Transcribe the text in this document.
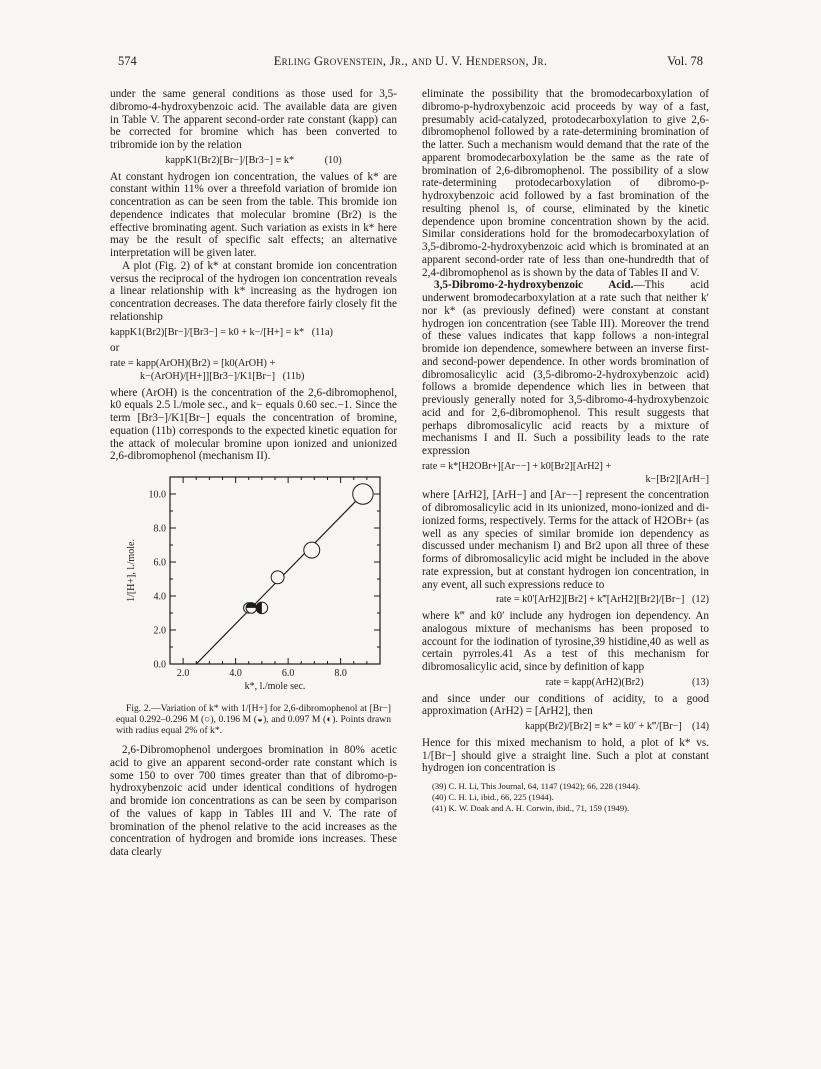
574	Erling Grovenstein, Jr., and U. V. Henderson, Jr.	Vol. 78

under the same general conditions as those used for 3,5-dibromo-4-hydroxybenzoic acid. The available data are given in Table V. The apparent second-order rate constant (kapp) can be corrected for bromine which has been converted to tribromide ion by the relation

kappK1(Br2)[Br−]/[Br3−] ≡ k*	(10)

At constant hydrogen ion concentration, the values of k* are constant within 11% over a threefold variation of bromide ion concentration as can be seen from the table. This bromide ion dependence indicates that molecular bromine (Br2) is the effective brominating agent. Such variation as exists in k* here may be the result of specific salt effects; an alternative interpretation will be given later.

A plot (Fig. 2) of k* at constant bromide ion concentration versus the reciprocal of the hydrogen ion concentration reveals a linear relationship with k* increasing as the hydrogen ion concentration decreases. The data therefore fairly closely fit the relationship

kappK1(Br2)[Br−]/[Br3−] = k0 + k−/[H+] = k* (11a)

or

rate = kapp(ArOH)(Br2) = [k0(ArOH) +
k−(ArOH)/[H+]][Br3−]/K1[Br−] (11b)

where (ArOH) is the concentration of the 2,6-dibromophenol, k0 equals 2.5 l./mole sec., and k− equals 0.60 sec.−1. Since the term [Br3−]/K1[Br−] equals the concentration of bromine, equation (11b) corresponds to the expected kinetic equation for the attack of molecular bromine upon ionized and unionized 2,6-dibromophenol (mechanism II).

2.0	4.0	6.0	8.0
0.0
2.0
4.0
6.0
8.0
10.0
k*, l./mole sec.
1/[H+], l./mole.
Fig. 2.—Variation of k* with 1/[H+] for 2,6-dibromophenol at [Br−] equal 0.292–0.296 M (○), 0.196 M (◒), and 0.097 M (◐). Points drawn with radius equal 2% of k*.

2,6-Dibromophenol undergoes bromination in 80% acetic acid to give an apparent second-order rate constant which is some 150 to over 700 times greater than that of dibromo-p-hydroxybenzoic acid under identical conditions of hydrogen and bromide ion concentrations as can be seen by comparison of the values of kapp in Tables III and V. The rate of bromination of the phenol relative to the acid increases as the concentration of hydrogen and bromide ions increases. These data clearly

eliminate the possibility that the bromodecarboxylation of dibromo-p-hydroxybenzoic acid proceeds by way of a fast, presumably acid-catalyzed, protodecarboxylation to give 2,6-dibromophenol followed by a rate-determining bromination of the latter. Such a mechanism would demand that the rate of the apparent bromodecarboxylation be the same as the rate of bromination of 2,6-dibromophenol. The possibility of a slow rate-determining protodecarboxylation of dibromo-p-hydroxybenzoic acid followed by a fast bromination of the resulting phenol is, of course, eliminated by the kinetic dependence upon bromine concentration shown by the acid. Similar considerations hold for the bromodecarboxylation of 3,5-dibromo-2-hydroxybenzoic acid which is brominated at an apparent second-order rate of less than one-hundredth that of 2,4-dibromophenol as is shown by the data of Tables II and V.

3,5-Dibromo-2-hydroxybenzoic Acid.—This acid underwent bromodecarboxylation at a rate such that neither k′ nor k* (as previously defined) were constant at constant hydrogen ion concentration (see Table III). Moreover the trend of these values indicates that kapp follows a non-integral bromide ion dependence, somewhere between an inverse first- and second-power dependence. In other words bromination of dibromosalicylic acid (3,5-dibromo-2-hydroxybenzoic acid) follows a bromide dependence which lies in between that previously generally noted for 3,5-dibromo-4-hydroxybenzoic acid and for 2,6-dibromophenol. This result suggests that perhaps dibromosalicylic acid reacts by a mixture of mechanisms I and II. Such a possibility leads to the rate expression

rate = k*[H2OBr+][Ar−−] + k0[Br2][ArH2] +
k−[Br2][ArH−]

where [ArH2], [ArH−] and [Ar−−] represent the concentration of dibromosalicylic acid in its unionized, mono-ionized and di-ionized forms, respectively. Terms for the attack of H2OBr+ (as well as any species of similar bromide ion dependency as discussed under mechanism I) and Br2 upon all three of these forms of dibromosalicylic acid might be included in the above rate expression, but at constant hydrogen ion concentration, in any event, all such expressions reduce to

rate = k0′[ArH2][Br2] + k‴[ArH2][Br2]/[Br−] (12)

where k‴ and k0′ include any hydrogen ion dependency. An analogous mixture of mechanisms has been proposed to account for the iodination of tyrosine,39 histidine,40 as well as certain pyrroles.41 As a test of this mechanism for dibromosalicylic acid, since by definition of kapp

rate = kapp(ArH2)(Br2)	(13)

and since under our conditions of acidity, to a good approximation (ArH2) = [ArH2], then

kapp(Br2)/[Br2] ≡ k* = k0′ + k‴/[Br−] (14)

Hence for this mixed mechanism to hold, a plot of k* vs. 1/[Br−] should give a straight line. Such a plot at constant hydrogen ion concentration is

(39) C. H. Li, This Journal, 64, 1147 (1942); 66, 228 (1944).
(40) C. H. Li, ibid., 66, 225 (1944).
(41) K. W. Doak and A. H. Corwin, ibid., 71, 159 (1949).
